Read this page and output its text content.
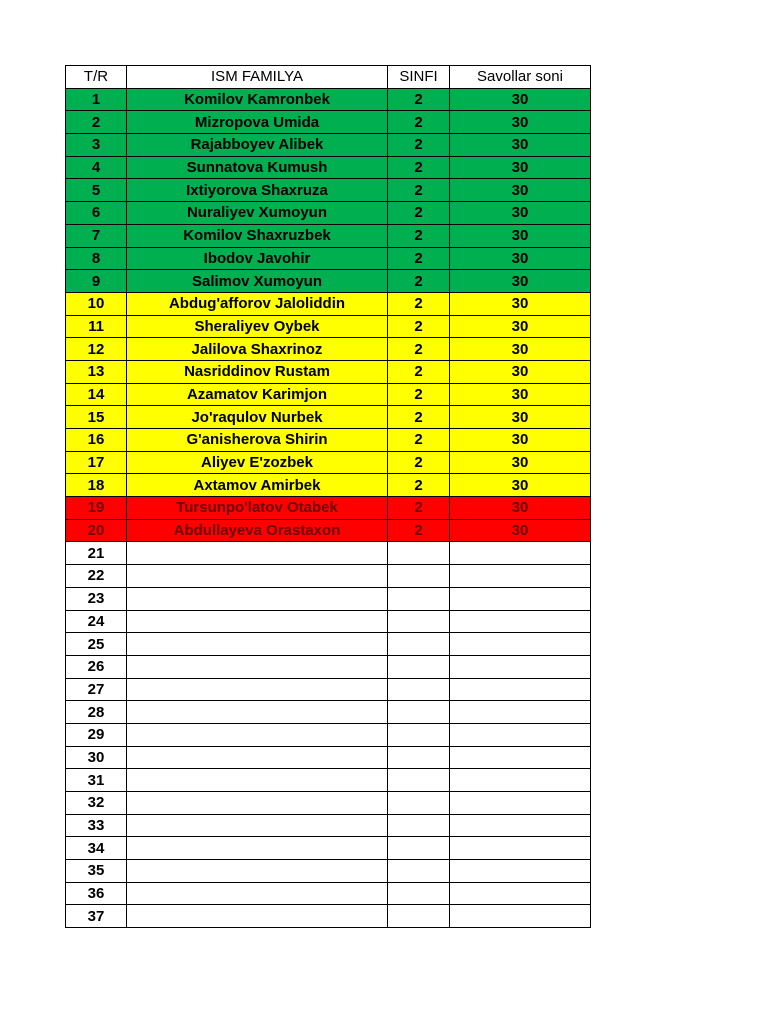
T/R	ISM FAMILYA	SINFI	Savollar soni
1	Komilov Kamronbek	2	30
2	Mizropova Umida	2	30
3	Rajabboyev Alibek	2	30
4	Sunnatova Kumush	2	30
5	Ixtiyorova Shaxruza	2	30
6	Nuraliyev Xumoyun	2	30
7	Komilov Shaxruzbek	2	30
8	Ibodov Javohir	2	30
9	Salimov Xumoyun	2	30
10	Abdug'afforov Jaloliddin	2	30
11	Sheraliyev Oybek	2	30
12	Jalilova Shaxrinoz	2	30
13	Nasriddinov Rustam	2	30
14	Azamatov Karimjon	2	30
15	Jo'raqulov Nurbek	2	30
16	G'anisherova Shirin	2	30
17	Aliyev E'zozbek	2	30
18	Axtamov Amirbek	2	30
19	Tursunpo'latov Otabek	2	30
20	Abdullayeva Orastaxon	2	30
21			
22			
23			
24			
25			
26			
27			
28			
29			
30			
31			
32			
33			
34			
35			
36			
37			
